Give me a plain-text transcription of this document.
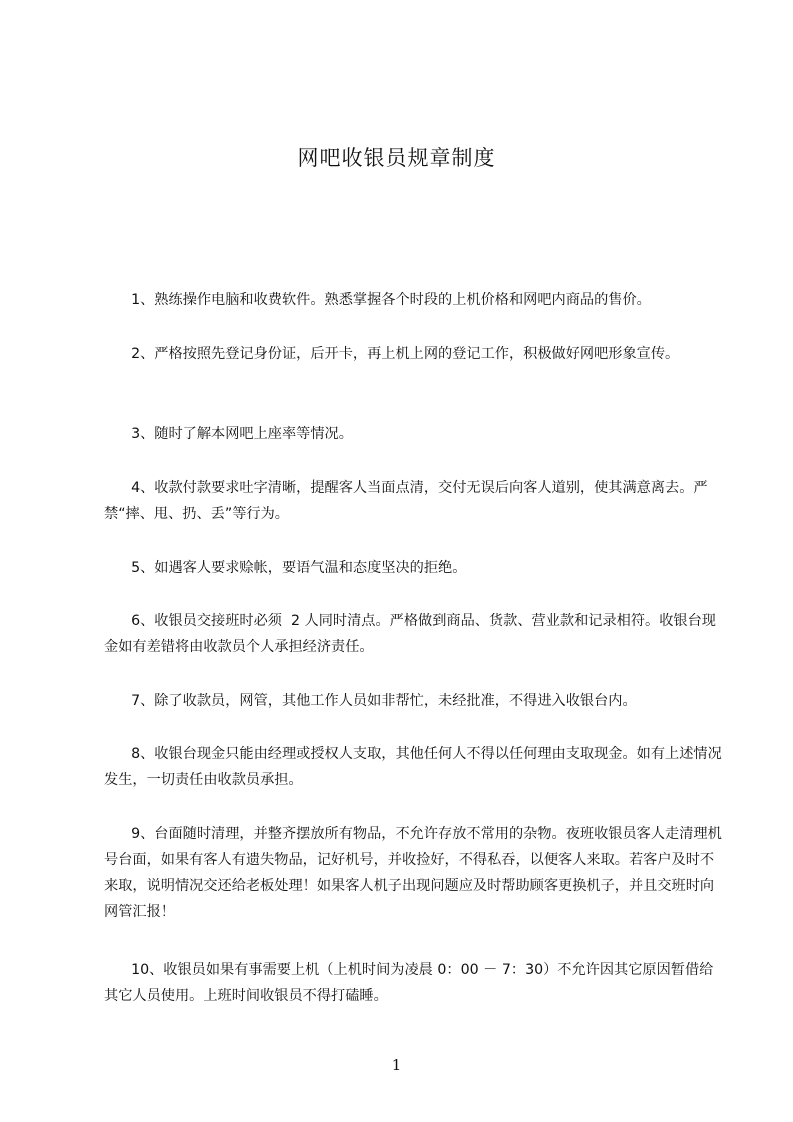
网吧收银员规章制度
1、熟练操作电脑和收费软件。熟悉掌握各个时段的上机价格和网吧内商品的售价。
2、严格按照先登记身份证，后开卡，再上机上网的登记工作，积极做好网吧形象宣传。
3、随时了解本网吧上座率等情况。
4、收款付款要求吐字清晰，提醒客人当面点清，交付无误后向客人道别，使其满意离去。严禁“摔、甩、扔、丢”等行为。
5、如遇客人要求赊帐，要语气温和态度坚决的拒绝。
6、收银员交接班时必须  2 人同时清点。严格做到商品、货款、营业款和记录相符。收银台现金如有差错将由收款员个人承担经济责任。
7、除了收款员，网管，其他工作人员如非帮忙，未经批准，不得进入收银台内。
8、收银台现金只能由经理或授权人支取，其他任何人不得以任何理由支取现金。如有上述情况发生，一切责任由收款员承担。
9、台面随时清理，并整齐摆放所有物品，不允许存放不常用的杂物。夜班收银员客人走清理机号台面，如果有客人有遗失物品，记好机号，并收捡好，不得私吞，以便客人来取。若客户及时不来取，说明情况交还给老板处理！如果客人机子出现问题应及时帮助顾客更换机子，并且交班时向网管汇报！
10、收银员如果有事需要上机（上机时间为凌晨 0：00 － 7：30）不允许因其它原因暂借给其它人员使用。上班时间收银员不得打磕睡。
1
